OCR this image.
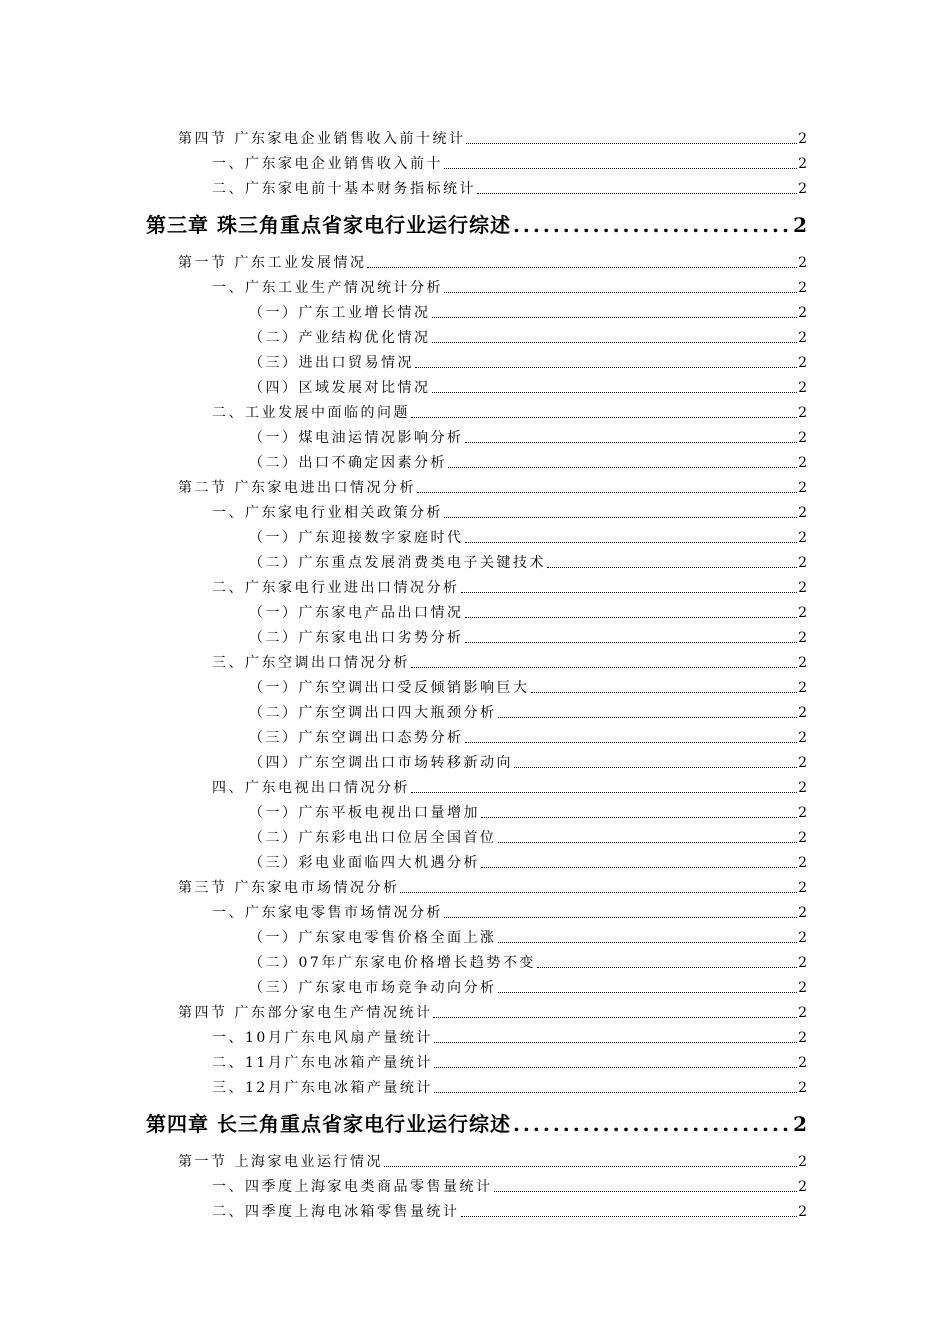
第四节 广东家电企业销售收入前十统计	2
一、广东家电企业销售收入前十	2
二、广东家电前十基本财务指标统计	2
第三章 珠三角重点省家电行业运行综述 .....	2
第一节 广东工业发展情况	2
一、广东工业生产情况统计分析	2
（一）广东工业增长情况	2
（二）产业结构优化情况	2
（三）进出口贸易情况	2
（四）区域发展对比情况	2
二、工业发展中面临的问题	2
（一）煤电油运情况影响分析	2
（二）出口不确定因素分析	2
第二节 广东家电进出口情况分析	2
一、广东家电行业相关政策分析	2
（一）广东迎接数字家庭时代	2
（二）广东重点发展消费类电子关键技术	2
二、广东家电行业进出口情况分析	2
（一）广东家电产品出口情况	2
（二）广东家电出口劣势分析	2
三、广东空调出口情况分析	2
（一）广东空调出口受反倾销影响巨大	2
（二）广东空调出口四大瓶颈分析	2
（三）广东空调出口态势分析	2
（四）广东空调出口市场转移新动向	2
四、广东电视出口情况分析	2
（一）广东平板电视出口量增加	2
（二）广东彩电出口位居全国首位	2
（三）彩电业面临四大机遇分析	2
第三节 广东家电市场情况分析	2
一、广东家电零售市场情况分析	2
（一）广东家电零售价格全面上涨	2
（二）07年广东家电价格增长趋势不变	2
（三）广东家电市场竞争动向分析	2
第四节 广东部分家电生产情况统计	2
一、10月广东电风扇产量统计	2
二、11月广东电冰箱产量统计	2
三、12月广东电冰箱产量统计	2
第四章 长三角重点省家电行业运行综述 .....	2
第一节 上海家电业运行情况	2
一、四季度上海家电类商品零售量统计	2
二、四季度上海电冰箱零售量统计	2
